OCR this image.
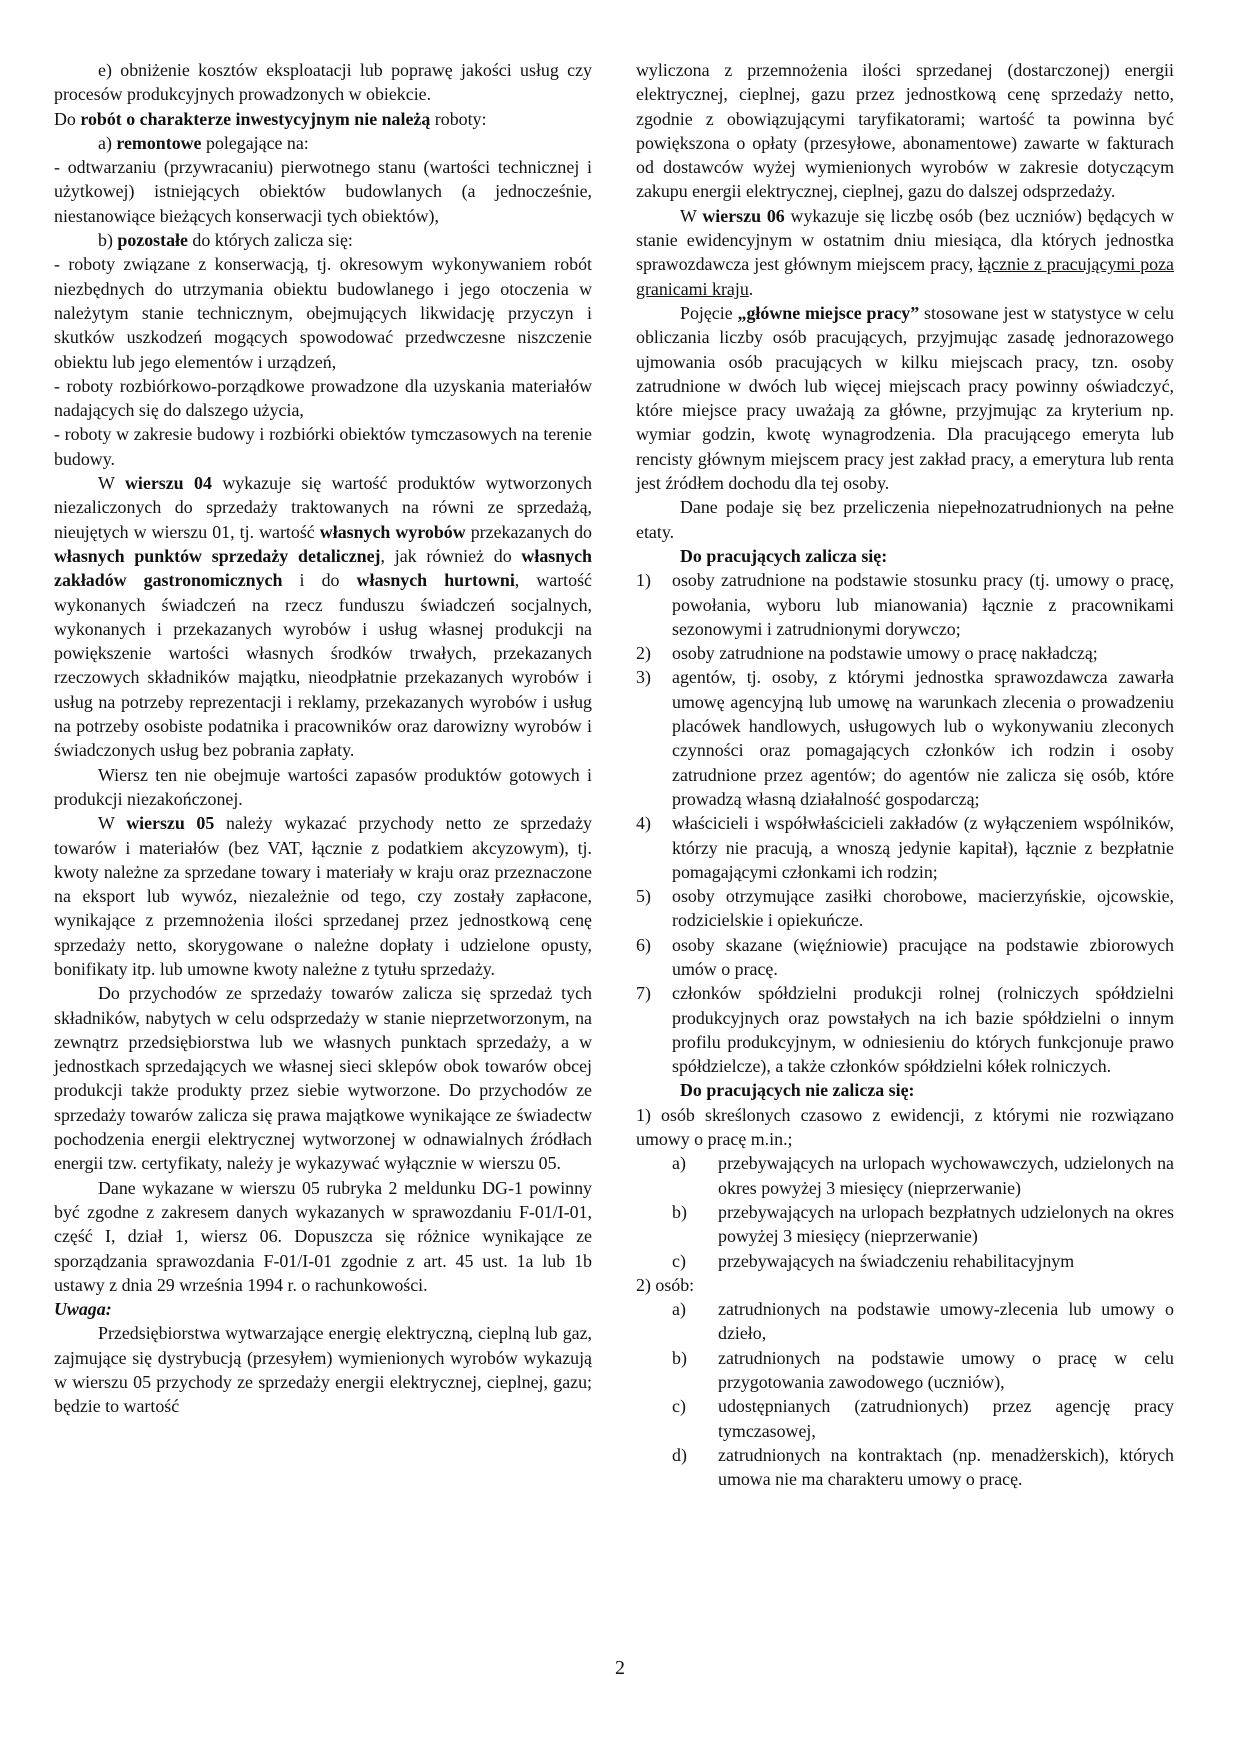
e) obniżenie kosztów eksploatacji lub poprawę jakości usług czy procesów produkcyjnych prowadzonych w obiekcie.

Do robót o charakterze inwestycyjnym nie należą roboty:

a) remontowe polegające na:

- odtwarzaniu (przywracaniu) pierwotnego stanu (wartości technicznej i użytkowej) istniejących obiektów budowlanych (a jednocześnie, niestanowiące bieżących konserwacji tych obiektów),

b) pozostałe do których zalicza się:

- roboty związane z konserwacją, tj. okresowym wykonywaniem robót niezbędnych do utrzymania obiektu budowlanego i jego otoczenia w należytym stanie technicznym, obejmujących likwidację przyczyn i skutków uszkodzeń mogących spowodować przedwczesne niszczenie obiektu lub jego elementów i urządzeń,

- roboty rozbiórkowo-porządkowe prowadzone dla uzyskania materiałów nadających się do dalszego użycia,

- roboty w zakresie budowy i rozbiórki obiektów tymczasowych na terenie budowy.

W wierszu 04 wykazuje się wartość produktów wytworzonych niezaliczonych do sprzedaży traktowanych na równi ze sprzedażą, nieujętych w wierszu 01, tj. wartość własnych wyrobów przekazanych do własnych punktów sprzedaży detalicznej, jak również do własnych zakładów gastronomicznych i do własnych hurtowni, wartość wykonanych świadczeń na rzecz funduszu świadczeń socjalnych, wykonanych i przekazanych wyrobów i usług własnej produkcji na powiększenie wartości własnych środków trwałych, przekazanych rzeczowych składników majątku, nieodpłatnie przekazanych wyrobów i usług na potrzeby reprezentacji i reklamy, przekazanych wyrobów i usług na potrzeby osobiste podatnika i pracowników oraz darowizny wyrobów i świadczonych usług bez pobrania zapłaty.

Wiersz ten nie obejmuje wartości zapasów produktów gotowych i produkcji niezakończonej.

W wierszu 05 należy wykazać przychody netto ze sprzedaży towarów i materiałów (bez VAT, łącznie z podatkiem akcyzowym), tj. kwoty należne za sprzedane towary i materiały w kraju oraz przeznaczone na eksport lub wywóz, niezależnie od tego, czy zostały zapłacone, wynikające z przemnożenia ilości sprzedanej przez jednostkową cenę sprzedaży netto, skorygowane o należne dopłaty i udzielone opusty, bonifikaty itp. lub umowne kwoty należne z tytułu sprzedaży.

Do przychodów ze sprzedaży towarów zalicza się sprzedaż tych składników, nabytych w celu odsprzedaży w stanie nieprzetworzonym, na zewnątrz przedsiębiorstwa lub we własnych punktach sprzedaży, a w jednostkach sprzedających we własnej sieci sklepów obok towarów obcej produkcji także produkty przez siebie wytworzone. Do przychodów ze sprzedaży towarów zalicza się prawa majątkowe wynikające ze świadectw pochodzenia energii elektrycznej wytworzonej w odnawialnych źródłach energii tzw. certyfikaty, należy je wykazywać wyłącznie w wierszu 05.

Dane wykazane w wierszu 05 rubryka 2 meldunku DG-1 powinny być zgodne z zakresem danych wykazanych w sprawozdaniu F-01/I-01, część I, dział 1, wiersz 06. Dopuszcza się różnice wynikające ze sporządzania sprawozdania F-01/I-01 zgodnie z art. 45 ust. 1a lub 1b ustawy z dnia 29 września 1994 r. o rachunkowości.

Uwaga:

Przedsiębiorstwa wytwarzające energię elektryczną, cieplną lub gaz, zajmujące się dystrybucją (przesyłem) wymienionych wyrobów wykazują w wierszu 05 przychody ze sprzedaży energii elektrycznej, cieplnej, gazu; będzie to wartość

wyliczona z przemnożenia ilości sprzedanej (dostarczonej) energii elektrycznej, cieplnej, gazu przez jednostkową cenę sprzedaży netto, zgodnie z obowiązującymi taryfikatorami; wartość ta powinna być powiększona o opłaty (przesyłowe, abonamentowe) zawarte w fakturach od dostawców wyżej wymienionych wyrobów w zakresie dotyczącym zakupu energii elektrycznej, cieplnej, gazu do dalszej odsprzedaży.

W wierszu 06 wykazuje się liczbę osób (bez uczniów) będących w stanie ewidencyjnym w ostatnim dniu miesiąca, dla których jednostka sprawozdawcza jest głównym miejscem pracy, łącznie z pracującymi poza granicami kraju.

Pojęcie „główne miejsce pracy” stosowane jest w statystyce w celu obliczania liczby osób pracujących, przyjmując zasadę jednorazowego ujmowania osób pracujących w kilku miejscach pracy, tzn. osoby zatrudnione w dwóch lub więcej miejscach pracy powinny oświadczyć, które miejsce pracy uważają za główne, przyjmując za kryterium np. wymiar godzin, kwotę wynagrodzenia. Dla pracującego emeryta lub rencisty głównym miejscem pracy jest zakład pracy, a emerytura lub renta jest źródłem dochodu dla tej osoby.

Dane podaje się bez przeliczenia niepełnozatrudnionych na pełne etaty.

Do pracujących zalicza się:

1) osoby zatrudnione na podstawie stosunku pracy (tj. umowy o pracę, powołania, wyboru lub mianowania) łącznie z pracownikami sezonowymi i zatrudnionymi dorywczo;

2) osoby zatrudnione na podstawie umowy o pracę nakładczą;

3) agentów, tj. osoby, z którymi jednostka sprawozdawcza zawarła umowę agencyjną lub umowę na warunkach zlecenia o prowadzeniu placówek handlowych, usługowych lub o wykonywaniu zleconych czynności oraz pomagających członków ich rodzin i osoby zatrudnione przez agentów; do agentów nie zalicza się osób, które prowadzą własną działalność gospodarczą;

4) właścicieli i współwłaścicieli zakładów (z wyłączeniem wspólników, którzy nie pracują, a wnoszą jedynie kapitał), łącznie z bezpłatnie pomagającymi członkami ich rodzin;

5) osoby otrzymujące zasiłki chorobowe, macierzyńskie, ojcowskie, rodzicielskie i opiekuńcze.

6) osoby skazane (więźniowie) pracujące na podstawie zbiorowych umów o pracę.

7) członków spółdzielni produkcji rolnej (rolniczych spółdzielni produkcyjnych oraz powstałych na ich bazie spółdzielni o innym profilu produkcyjnym, w odniesieniu do których funkcjonuje prawo spółdzielcze), a także członków spółdzielni kółek rolniczych.

Do pracujących nie zalicza się:

1) osób skreślonych czasowo z ewidencji, z którymi nie rozwiązano umowy o pracę m.in.;

a) przebywających na urlopach wychowawczych, udzielonych na okres powyżej 3 miesięcy (nieprzerwanie)

b) przebywających na urlopach bezpłatnych udzielonych na okres powyżej 3 miesięcy (nieprzerwanie)

c) przebywających na świadczeniu rehabilitacyjnym

2) osób:

a) zatrudnionych na podstawie umowy-zlecenia lub umowy o dzieło,

b) zatrudnionych na podstawie umowy o pracę w celu przygotowania zawodowego (uczniów),

c) udostępnianych (zatrudnionych) przez agencję pracy tymczasowej,

d) zatrudnionych na kontraktach (np. menadżerskich), których umowa nie ma charakteru umowy o pracę.

2
